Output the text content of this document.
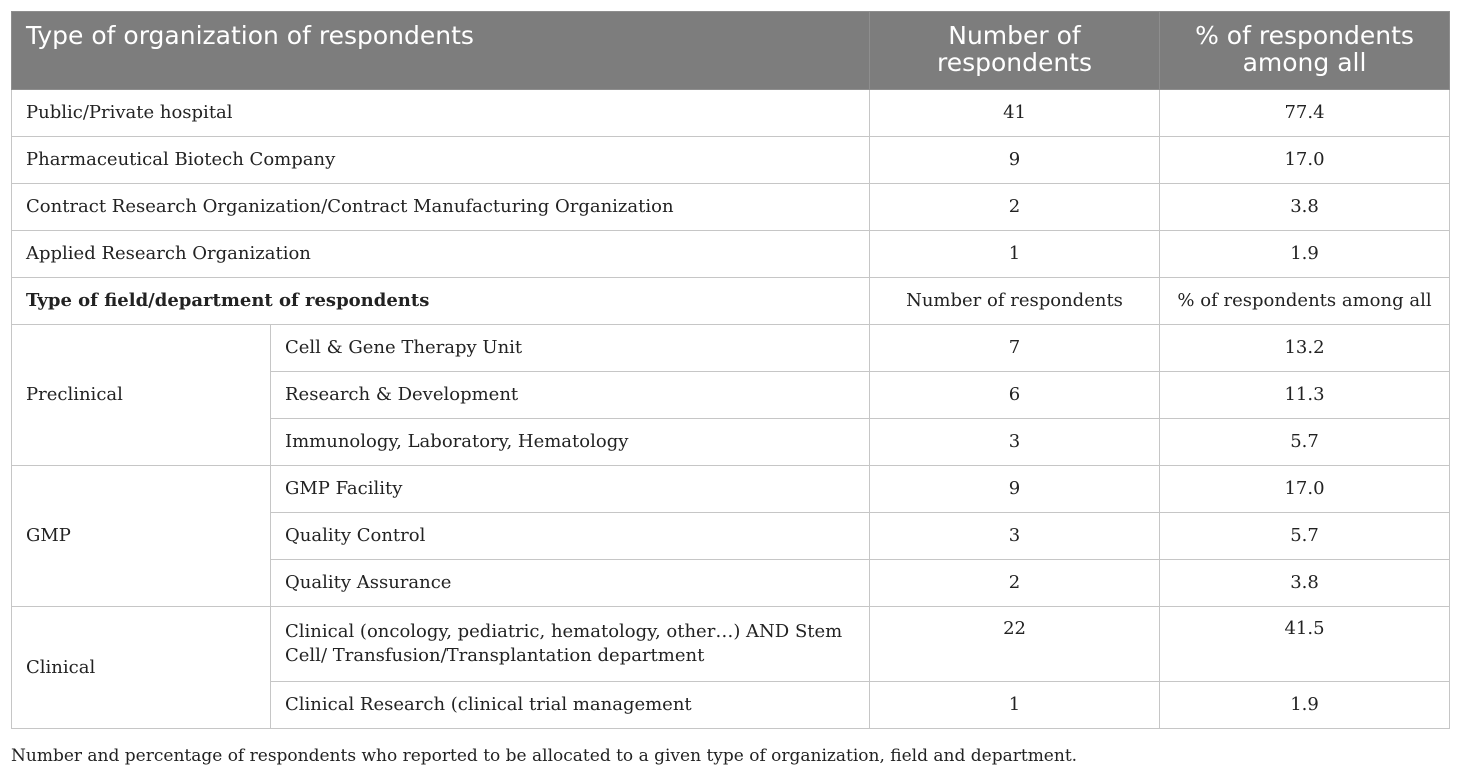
Type of organization of respondents		Number of respondents	% of respondents among all
Public/Private hospital		41	77.4
Pharmaceutical Biotech Company		9	17.0
Contract Research Organization/Contract Manufacturing Organization		2	3.8
Applied Research Organization		1	1.9
Type of field/department of respondents		Number of respondents	% of respondents among all
Preclinical	Cell & Gene Therapy Unit	7	13.2
	Research & Development	6	11.3
	Immunology, Laboratory, Hematology	3	5.7
GMP	GMP Facility	9	17.0
	Quality Control	3	5.7
	Quality Assurance	2	3.8
Clinical	Clinical (oncology, pediatric, hematology, other…) AND Stem Cell/ Transfusion/Transplantation department	22	41.5
	Clinical Research (clinical trial management	1	1.9
Number and percentage of respondents who reported to be allocated to a given type of organization, field and department.
